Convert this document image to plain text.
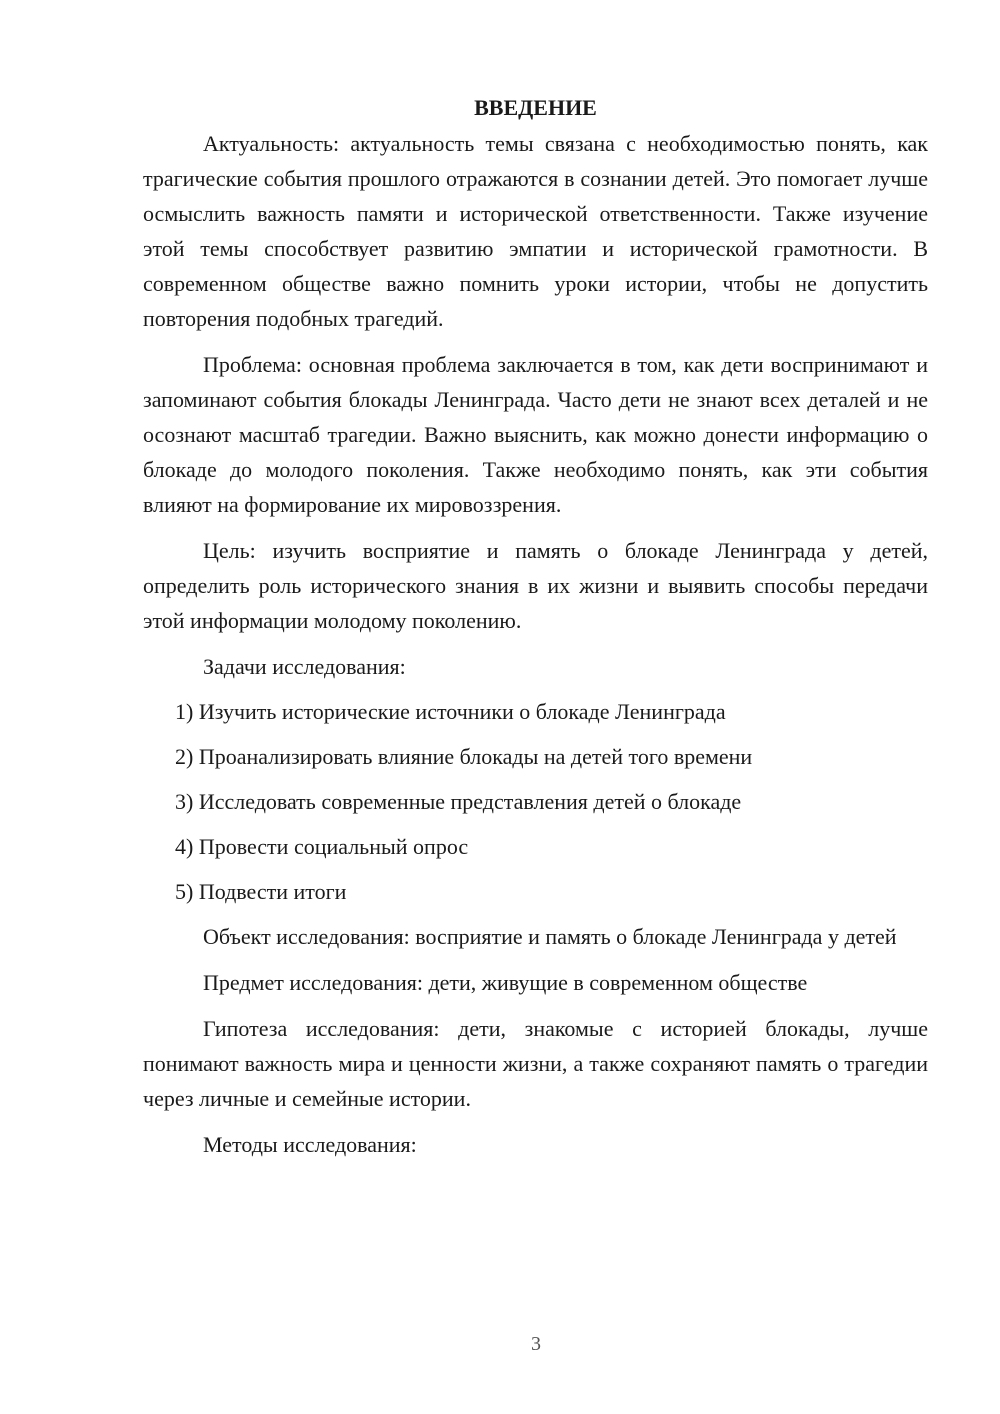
ВВЕДЕНИЕ

Актуальность: актуальность темы связана с необходимостью понять, как трагические события прошлого отражаются в сознании детей. Это помогает лучше осмыслить важность памяти и исторической ответственности. Также изучение этой темы способствует развитию эмпатии и исторической грамотности. В современном обществе важно помнить уроки истории, чтобы не допустить повторения подобных трагедий.

Проблема: основная проблема заключается в том, как дети воспринимают и запоминают события блокады Ленинграда. Часто дети не знают всех деталей и не осознают масштаб трагедии. Важно выяснить, как можно донести информацию о блокаде до молодого поколения. Также необходимо понять, как эти события влияют на формирование их мировоззрения.

Цель: изучить восприятие и память о блокаде Ленинграда у детей, определить роль исторического знания в их жизни и выявить способы передачи этой информации молодому поколению.

Задачи исследования:

1) Изучить исторические источники о блокаде Ленинграда

2) Проанализировать влияние блокады на детей того времени

3) Исследовать современные представления детей о блокаде

4) Провести социальный опрос

5) Подвести итоги

Объект исследования: восприятие и память о блокаде Ленинграда у детей

Предмет исследования: дети, живущие в современном обществе

Гипотеза исследования: дети, знакомые с историей блокады, лучше понимают важность мира и ценности жизни, а также сохраняют память о трагедии через личные и семейные истории.

Методы исследования:

3
